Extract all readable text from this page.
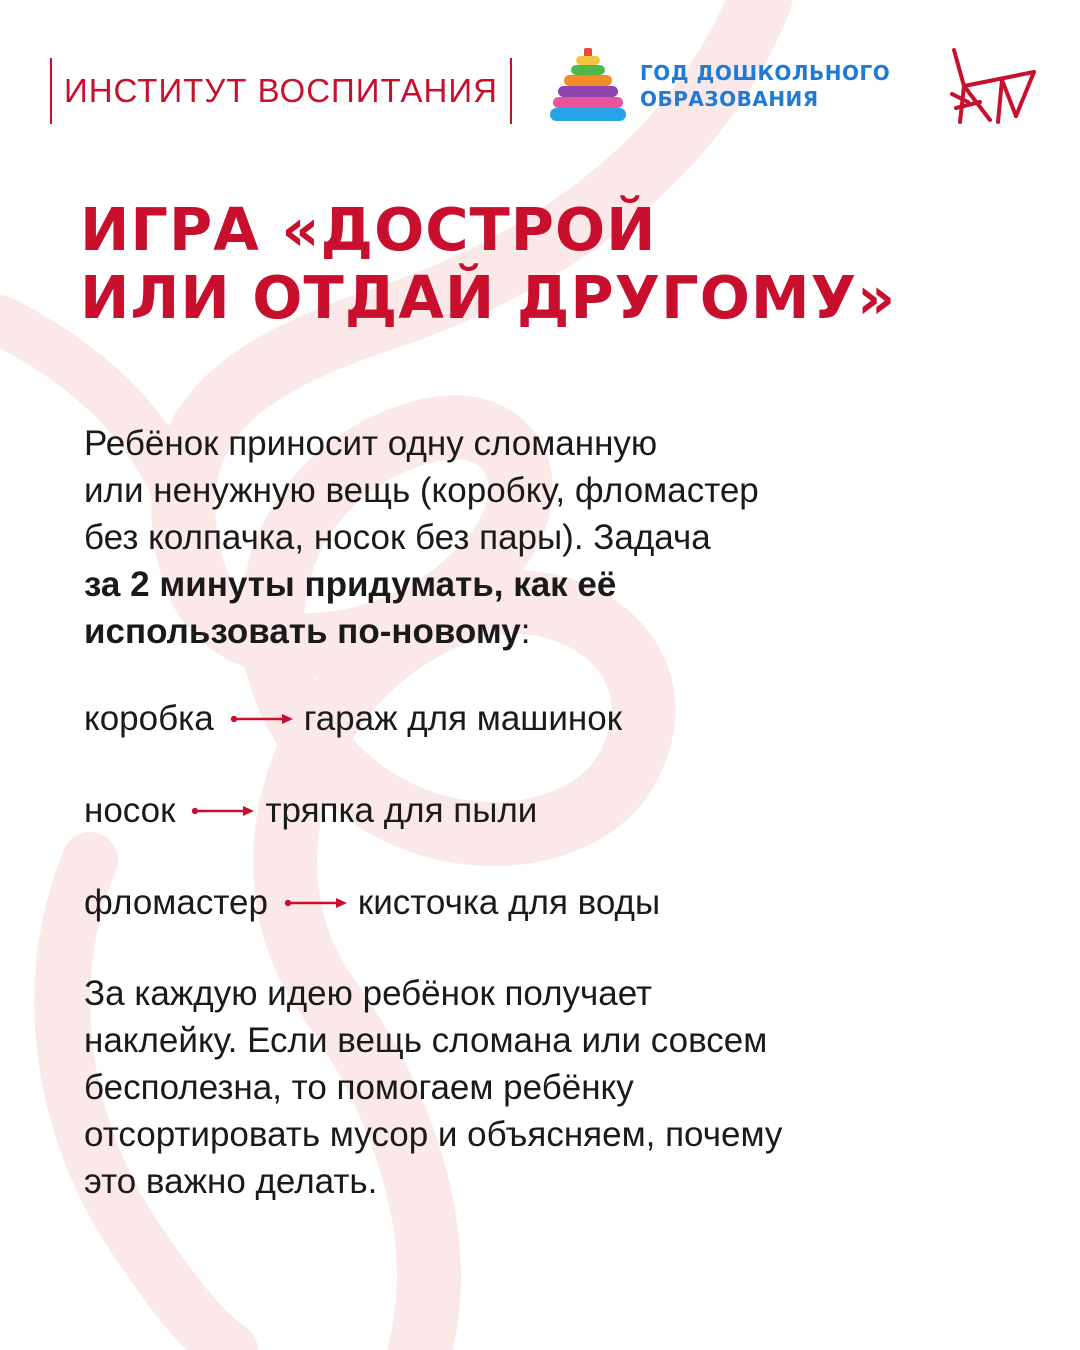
ИНСТИТУТ ВОСПИТАНИЯ	ГОД ДОШКОЛЬНОГО
ОБРАЗОВАНИЯ
ИГРА «ДОСТРОЙ
ИЛИ ОТДАЙ ДРУГОМУ»
Ребёнок приносит одну сломанную
или ненужную вещь (коробку, фломастер
без колпачка, носок без пары). Задача
за 2 минуты придумать, как её
использовать по-новому:
коробка	гараж для машинок
носок	тряпка для пыли
фломастер	кисточка для воды
За каждую идею ребёнок получает
наклейку. Если вещь сломана или совсем
бесполезна, то помогаем ребёнку
отсортировать мусор и объясняем, почему
это важно делать.
